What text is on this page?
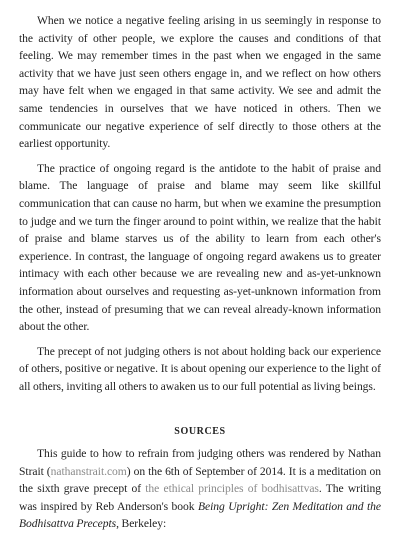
When we notice a negative feeling arising in us seemingly in response to the activity of other people, we explore the causes and conditions of that feeling. We may remember times in the past when we engaged in the same activity that we have just seen others engage in, and we reflect on how others may have felt when we engaged in that same activity. We see and admit the same tendencies in ourselves that we have noticed in others. Then we communicate our negative experience of self directly to those others at the earliest opportunity.

The practice of ongoing regard is the antidote to the habit of praise and blame. The language of praise and blame may seem like skillful communication that can cause no harm, but when we examine the presumption to judge and we turn the finger around to point within, we realize that the habit of praise and blame starves us of the ability to learn from each other's experience. In contrast, the language of ongoing regard awakens us to greater intimacy with each other because we are revealing new and as-yet-unknown information about ourselves and requesting as-yet-unknown information from the other, instead of presuming that we can reveal already-known information about the other.

The precept of not judging others is not about holding back our experience of others, positive or negative. It is about opening our experience to the light of all others, inviting all others to awaken us to our full potential as living beings.

SOURCES

This guide to how to refrain from judging others was rendered by Nathan Strait (nathanstrait.com) on the 6th of September of 2014. It is a meditation on the sixth grave precept of the ethical principles of bodhisattvas. The writing was inspired by Reb Anderson's book Being Upright: Zen Meditation and the Bodhisattva Precepts, Berkeley:
